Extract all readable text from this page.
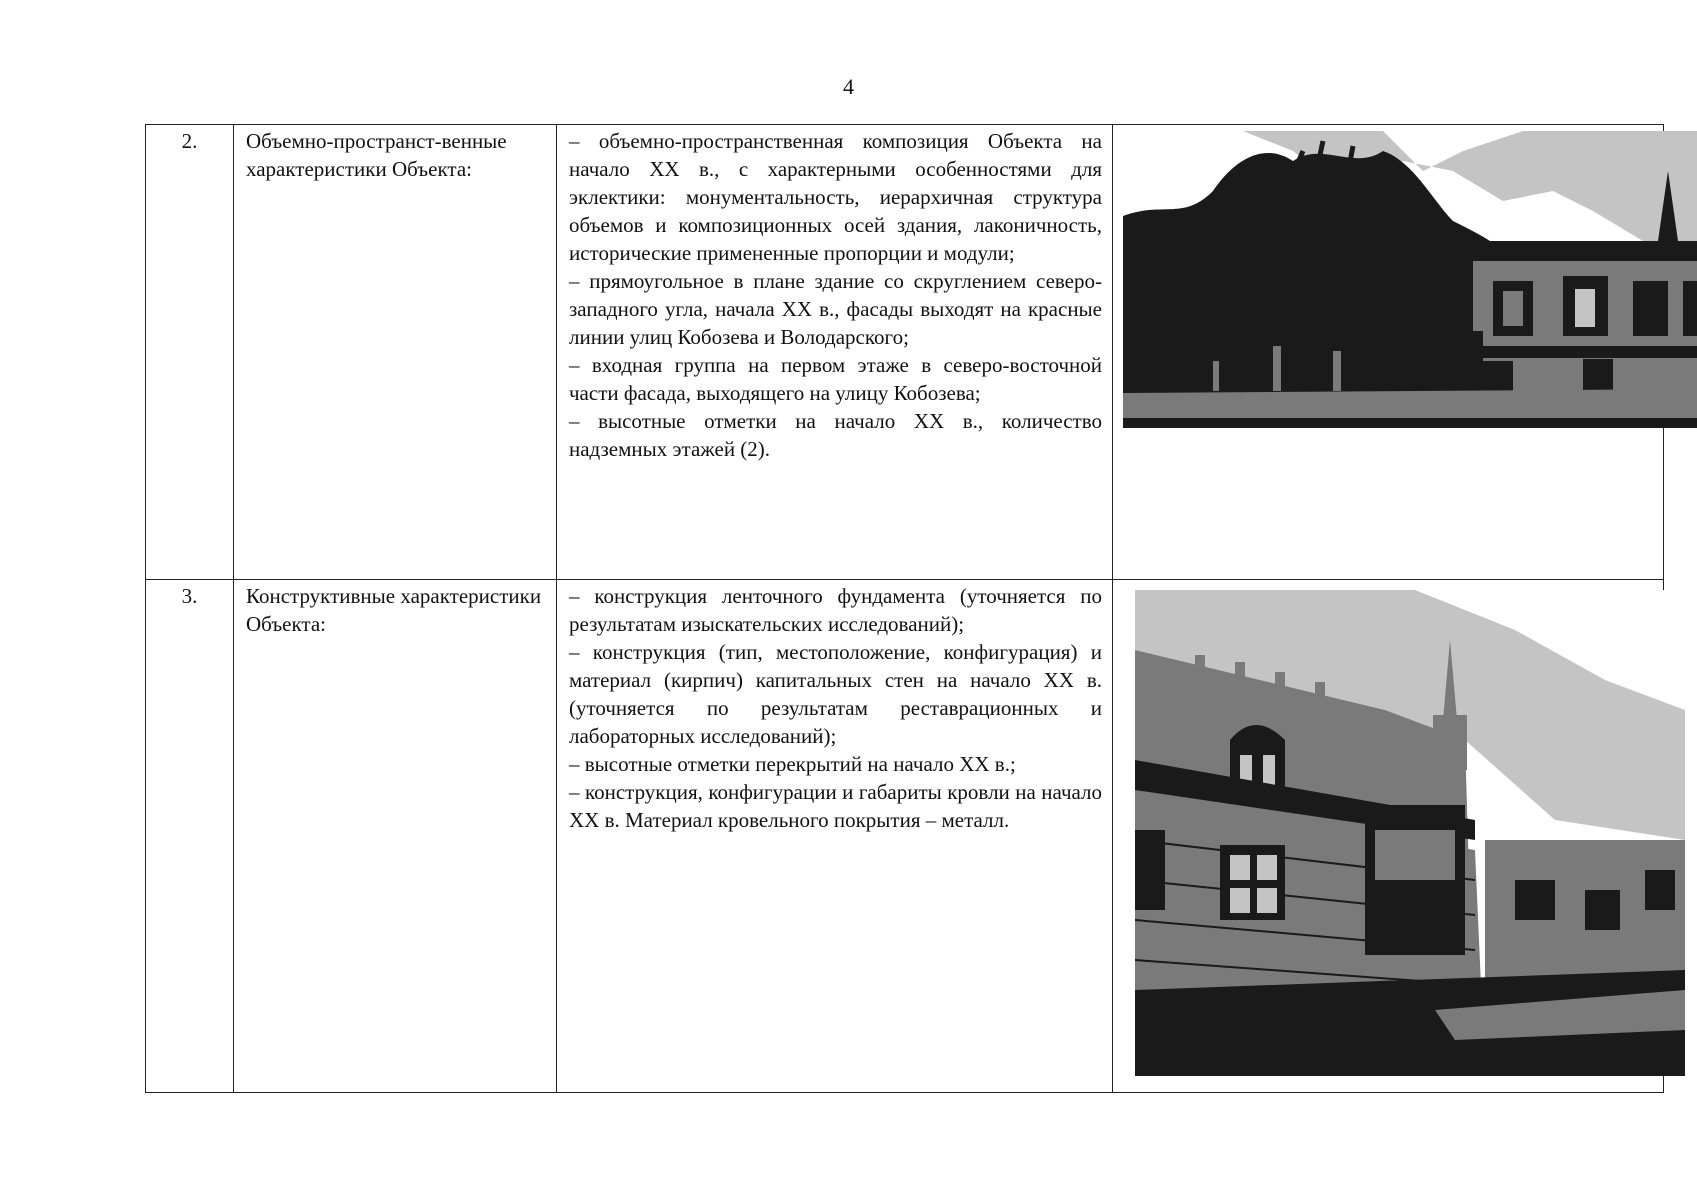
4
2.	Объемно-пространст-венные характеристики Объекта:	– объемно-пространственная композиция Объекта на начало XX в., с характерными особенностями для эклектики: монументальность, иерархичная структура объемов и композиционных осей здания, лаконичность, исторические примененные пропорции и модули;

– прямоугольное в плане здание со скруглением северо-западного угла, начала XX в., фасады выходят на красные линии улиц Кобозева и Володарского;

– входная группа на первом этаже в северо-восточной части фасада, выходящего на улицу Кобозева;

– высотные отметки на начало XX в., количество надземных этажей (2).

3.	Конструктивные характеристики Объекта:	– конструкция ленточного фундамента (уточняется по результатам изыскательских исследований);

– конструкция (тип, местоположение, конфигурация) и материал (кирпич) капитальных стен на начало XX в. (уточняется по результатам реставрационных и лабораторных исследований);

– высотные отметки перекрытий на начало XX в.;

– конструкция, конфигурации и габариты кровли на начало XX в. Материал кровельного покрытия – металл.
